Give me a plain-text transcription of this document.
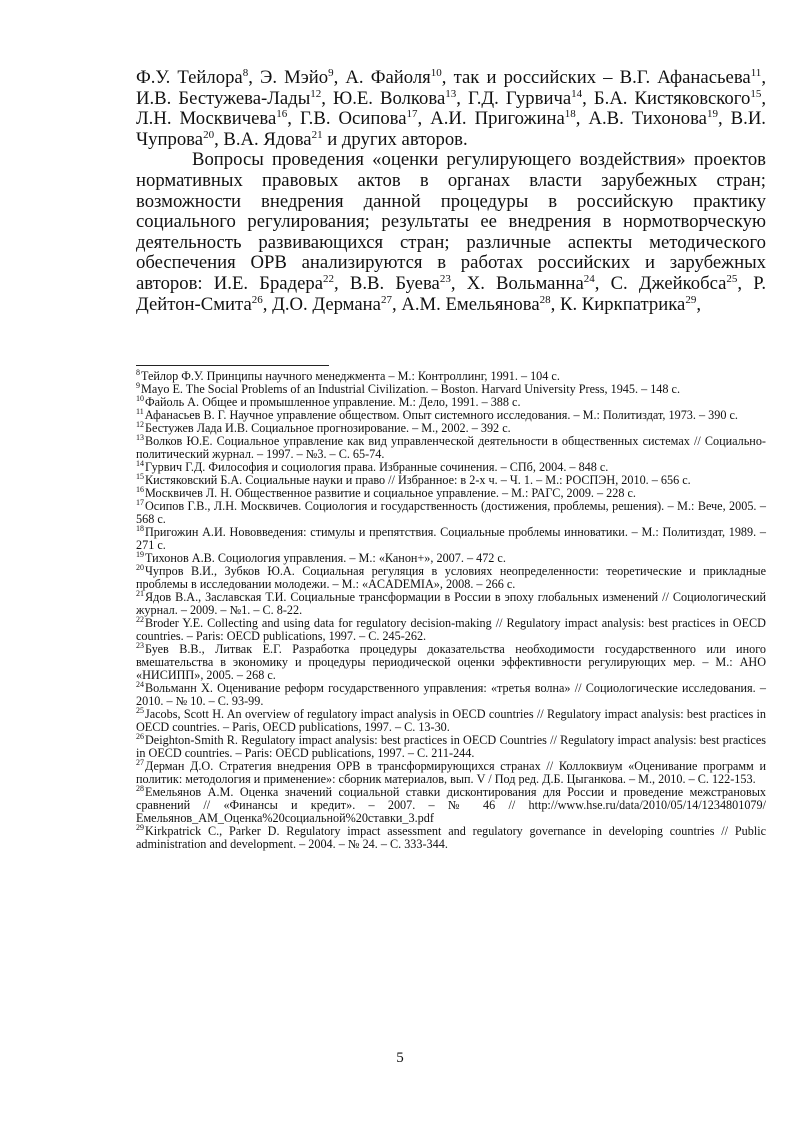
Ф.У. Тейлора$^8$, Э. Мэйо$^9$, А. Файоля$^{10}$, так и российских – В.Г. Афанасьева$^{11}$, И.В. Бестужева-Лады$^{12}$, Ю.Е. Волкова$^{13}$, Г.Д. Гурвича$^{14}$, Б.А. Кистяковского$^{15}$, Л.Н. Москвичева$^{16}$, Г.В. Осипова$^{17}$, А.И. Пригожина$^{18}$, А.В. Тихонова$^{19}$, В.И. Чупрова$^{20}$, В.А. Ядова$^{21}$ и других авторов.

Вопросы проведения «оценки регулирующего воздействия» проектов нормативных правовых актов в органах власти зарубежных стран; возможности внедрения данной процедуры в российскую практику социального регулирования; результаты ее внедрения в нормотворческую деятельность развивающихся стран; различные аспекты методического обеспечения ОРВ анализируются в работах российских и зарубежных авторов: И.Е. Брадера$^{22}$, В.В. Буева$^{23}$, Х. Вольманна$^{24}$, С. Джейкобса$^{25}$, Р. Дейтон-Смита$^{26}$, Д.О. Дермана$^{27}$, А.М. Емельянова$^{28}$, К. Киркпатрика$^{29}$,

$^8$Тейлор Ф.У. Принципы научного менеджмента – М.: Контроллинг, 1991. – 104 с.

$^9$Mayo E. The Social Problems of an Industrial Civilization. – Boston. Harvard University Press, 1945. – 148 c.

$^{10}$Файоль А. Общее и промышленное управление. М.: Дело, 1991. – 388 с.

$^{11}$Афанасьев В. Г. Научное управление обществом. Опыт системного исследования. – М.: Политиздат, 1973. – 390 с.

$^{12}$Бестужев Лада И.В. Социальное прогнозирование. – М., 2002. – 392 с.

$^{13}$Волков Ю.Е. Социальное управление как вид управленческой деятельности в общественных системах // Социально-политический журнал. – 1997. – №3. – С. 65-74.

$^{14}$Гурвич Г.Д. Философия и социология права. Избранные сочинения. – СПб, 2004. – 848 с.

$^{15}$Кистяковский Б.А. Социальные науки и право // Избранное: в 2-х ч. – Ч. 1. – М.: РОСПЭН, 2010. – 656 с.

$^{16}$Москвичев Л. Н. Общественное развитие и социальное управление. – М.: РАГС, 2009. – 228 с.

$^{17}$Осипов Г.В., Л.Н. Москвичев. Социология и государственность (достижения, проблемы, решения). – М.: Вече, 2005. – 568 с.

$^{18}$Пригожин А.И. Нововведения: стимулы и препятствия. Социальные проблемы инноватики. – М.: Политиздат, 1989. – 271 с.

$^{19}$Тихонов А.В. Социология управления. – М.: «Канон+», 2007. – 472 с.

$^{20}$Чупров В.И., Зубков Ю.А. Социальная регуляция в условиях неопределенности: теоретические и прикладные проблемы в исследовании молодежи. – М.: «ACADEMIA», 2008. – 266 с.

$^{21}$Ядов В.А., Заславская Т.И. Социальные трансформации в России в эпоху глобальных изменений // Социологический журнал. – 2009. – №1. – С. 8-22.

$^{22}$Broder Y.E. Collecting and using data for regulatory decision-making // Regulatory impact analysis: best practices in OECD countries. – Paris: OECD publications, 1997. – С. 245-262.

$^{23}$Буев В.В., Литвак Е.Г. Разработка процедуры доказательства необходимости государственного или иного вмешательства в экономику и процедуры периодической оценки эффективности регулирующих мер. – М.: АНО «НИСИПП», 2005. – 268 с.

$^{24}$Вольманн Х. Оценивание реформ государственного управления: «третья волна» // Социологические исследования. – 2010. – № 10. – С. 93-99.

$^{25}$Jacobs, Scott H. An overview of regulatory impact analysis in OECD countries // Regulatory impact analysis: best practices in OECD countries. – Paris, OECD publications, 1997. – С. 13-30.

$^{26}$Deighton-Smith R. Regulatory impact analysis: best practices in OECD Countries // Regulatory impact analysis: best practices in OECD countries. – Paris: OECD publications, 1997. – С. 211-244.

$^{27}$Дерман Д.О. Стратегия внедрения ОРВ в трансформирующихся странах // Коллоквиум «Оценивание программ и политик: методология и применение»: сборник материалов, вып. V / Под ред. Д.Б. Цыганкова. – М., 2010. – С. 122-153.

$^{28}$Емельянов А.М. Оценка значений социальной ставки дисконтирования для России и проведение межстрановых сравнений // «Финансы и кредит». – 2007. – № 46 // http://www.hse.ru/data/2010/05/14/1234801079/Емельянов_АМ_Оценка%20социальной%20ставки_3.pdf

$^{29}$Kirkpatrick C., Parker D. Regulatory impact assessment and regulatory governance in developing countries // Public administration and development. – 2004. – № 24. – С. 333-344.

5
